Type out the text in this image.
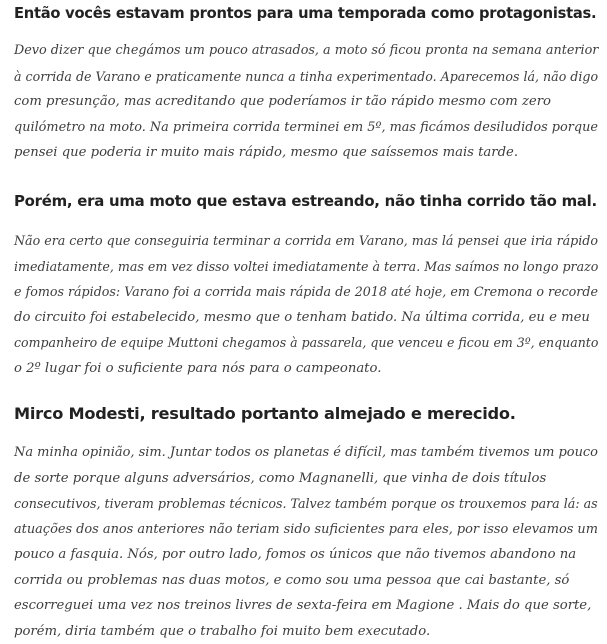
Então vocês estavam prontos para uma temporada como protagonistas.

Devo dizer que chegámos um pouco atrasados, a moto só ficou pronta na semana anterior
à corrida de Varano e praticamente nunca a tinha experimentado. Aparecemos lá, não digo
com presunção, mas acreditando que poderíamos ir tão rápido mesmo com zero
quilómetro na moto. Na primeira corrida terminei em 5º, mas ficámos desiludidos porque
pensei que poderia ir muito mais rápido, mesmo que saíssemos mais tarde.

Porém, era uma moto que estava estreando, não tinha corrido tão mal.

Não era certo que conseguiria terminar a corrida em Varano, mas lá pensei que iria rápido
imediatamente, mas em vez disso voltei imediatamente à terra. Mas saímos no longo prazo
e fomos rápidos: Varano foi a corrida mais rápida de 2018 até hoje, em Cremona o recorde
do circuito foi estabelecido, mesmo que o tenham batido. Na última corrida, eu e meu
companheiro de equipe Muttoni chegamos à passarela, que venceu e ficou em 3º, enquanto
o 2º lugar foi o suficiente para nós para o campeonato.

Mirco Modesti, resultado portanto almejado e merecido.

Na minha opinião, sim. Juntar todos os planetas é difícil, mas também tivemos um pouco
de sorte porque alguns adversários, como Magnanelli, que vinha de dois títulos
consecutivos, tiveram problemas técnicos. Talvez também porque os trouxemos para lá: as
atuações dos anos anteriores não teriam sido suficientes para eles, por isso elevamos um
pouco a fasquia. Nós, por outro lado, fomos os únicos que não tivemos abandono na
corrida ou problemas nas duas motos, e como sou uma pessoa que cai bastante, só
escorreguei uma vez nos treinos livres de sexta-feira em Magione . Mais do que sorte,
porém, diria também que o trabalho foi muito bem executado.
